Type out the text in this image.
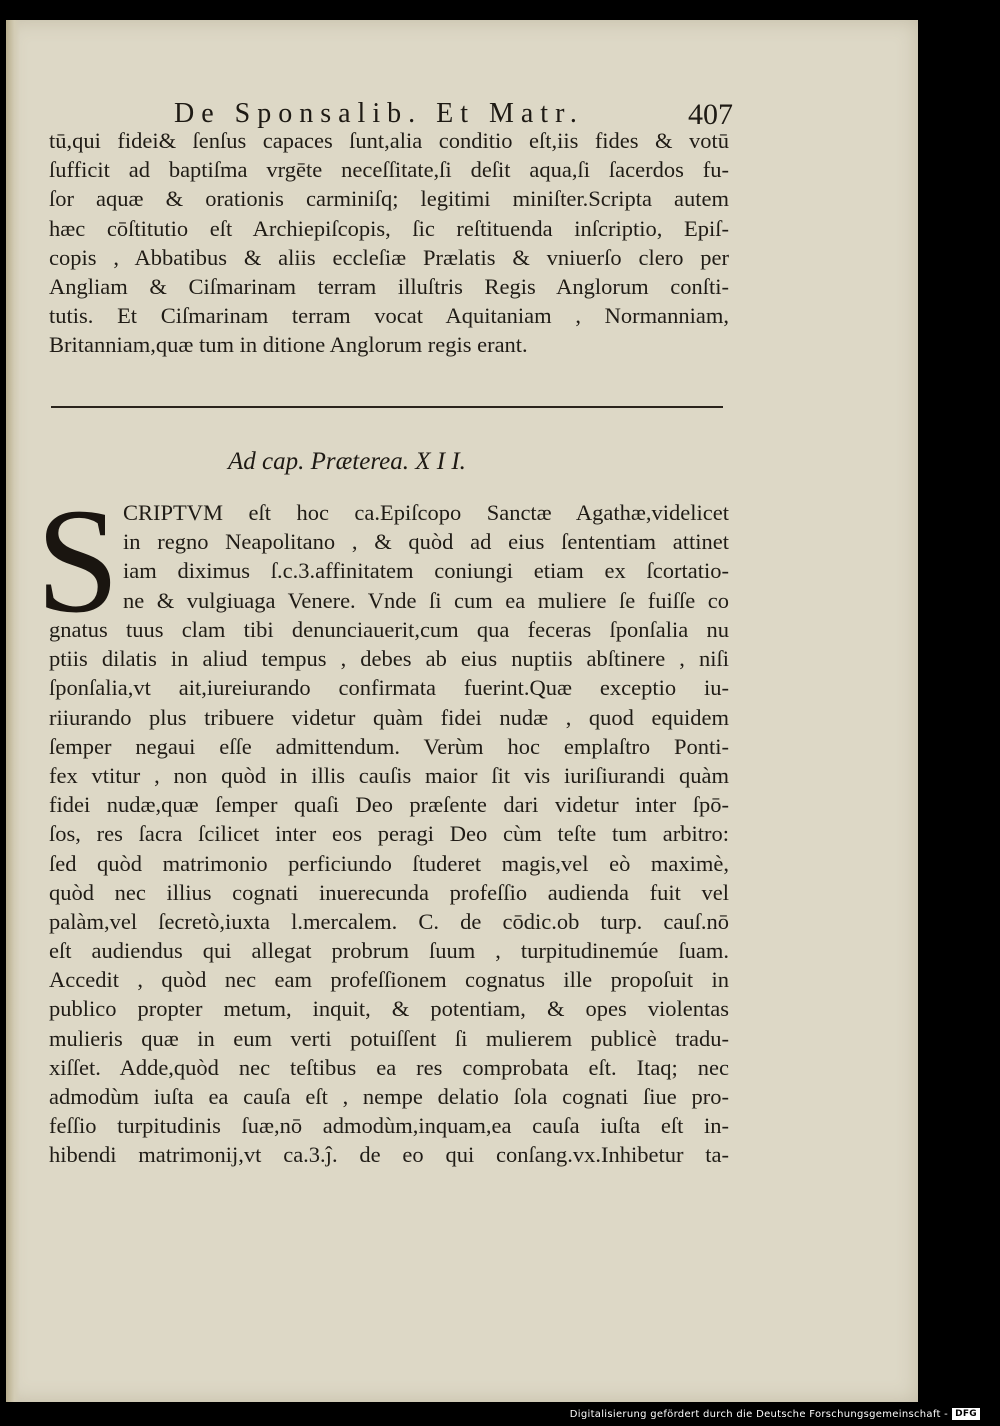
De Sponsalib. Et Matr.	407
tū,qui fidei& ſenſus capaces ſunt,alia conditio eſt,iis fides & votū
ſufficit ad baptiſma vrgēte neceſſitate,ſi deſit aqua,ſi ſacerdos fu-
ſor aquæ & orationis carminiſq; legitimi miniſter.Scripta autem
hæc cōſtitutio eſt Archiepiſcopis, ſic reſtituenda inſcriptio, Epiſ-
copis , Abbatibus & aliis eccleſiæ Prælatis & vniuerſo clero per
Angliam & Ciſmarinam terram illuſtris Regis Anglorum conſti-
tutis. Et Ciſmarinam terram vocat Aquitaniam , Normanniam,
Britanniam,quæ tum in ditione Anglorum regis erant.
Ad cap. Præterea. X I I.
S CRIPTVM eſt hoc ca.Epiſcopo Sanctæ Agathæ,videlicet
in regno Neapolitano , & quòd ad eius ſententiam attinet
iam diximus ſ.c.3.affinitatem coniungi etiam ex ſcortatio-
ne & vulgiuaga Venere. Vnde ſi cum ea muliere ſe fuiſſe co
gnatus tuus clam tibi denunciauerit,cum qua feceras ſponſalia nu
ptiis dilatis in aliud tempus , debes ab eius nuptiis abſtinere , niſi
ſponſalia,vt ait,iureiurando confirmata fuerint.Quæ exceptio iu-
riiurando plus tribuere videtur quàm fidei nudæ , quod equidem
ſemper negaui eſſe admittendum. Verùm hoc emplaſtro Ponti-
fex vtitur , non quòd in illis cauſis maior ſit vis iuriſiurandi quàm
fidei nudæ,quæ ſemper quaſi Deo præſente dari videtur inter ſpō-
ſos, res ſacra ſcilicet inter eos peragi Deo cùm teſte tum arbitro:
ſed quòd matrimonio perficiundo ſtuderet magis,vel eò maximè,
quòd nec illius cognati inuerecunda profeſſio audienda fuit vel
palàm,vel ſecretò,iuxta l.mercalem. C. de cōdic.ob turp. cauſ.nō
eſt audiendus qui allegat probrum ſuum , turpitudinemúe ſuam.
Accedit , quòd nec eam profeſſionem cognatus ille propoſuit in
publico propter metum, inquit, & potentiam, & opes violentas
mulieris quæ in eum verti potuiſſent ſi mulierem publicè tradu-
xiſſet. Adde,quòd nec teſtibus ea res comprobata eſt. Itaq; nec
admodùm iuſta ea cauſa eſt , nempe delatio ſola cognati ſiue pro-
feſſio turpitudinis ſuæ,nō admodùm,inquam,ea cauſa iuſta eſt in-
hibendi matrimonij,vt ca.3.ĵ. de eo qui conſang.vx.Inhibetur ta-
Digitalisierung gefördert durch die Deutsche Forschungsgemeinschaft - DFG
